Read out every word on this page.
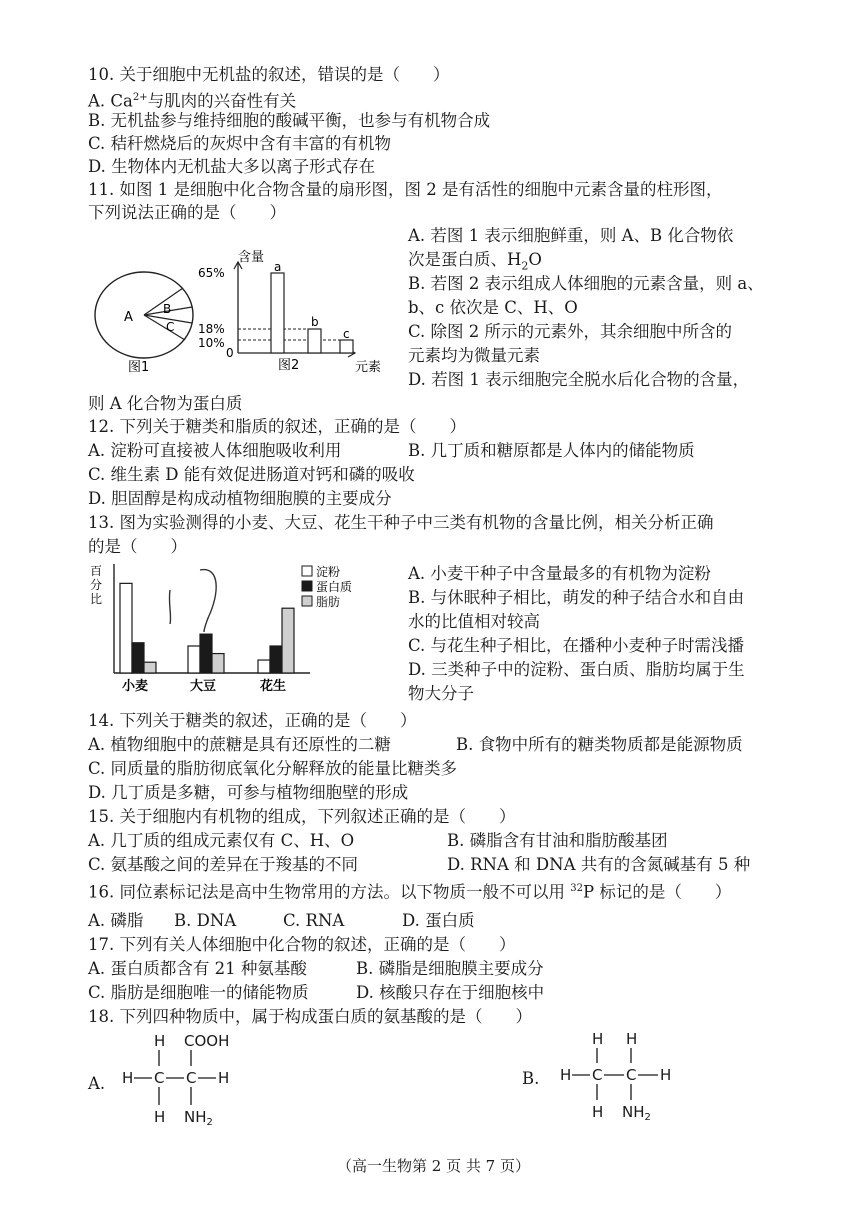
10. 关于细胞中无机盐的叙述，错误的是（　　）
A. $Ca^{2+}$与肌肉的兴奋性有关
B. 无机盐参与维持细胞的酸碱平衡，也参与有机物合成
C. 秸秆燃烧后的灰烬中含有丰富的有机物
D. 生物体内无机盐大多以离子形式存在
11. 如图 1 是细胞中化合物含量的扇形图，图 2 是有活性的细胞中元素含量的柱形图，
下列说法正确的是（　　）
A
B
C
图1
含量
65%
18%
10%
0
a
b
c
图2	元素
A. 若图 1 表示细胞鲜重，则 A、B 化合物依
次是蛋白质、$H_2O$
B. 若图 2 表示组成人体细胞的元素含量，则 a、
b、c 依次是 C、H、O
C. 除图 2 所示的元素外，其余细胞中所含的
元素均为微量元素
D. 若图 1 表示细胞完全脱水后化合物的含量，
则 A 化合物为蛋白质
12. 下列关于糖类和脂质的叙述，正确的是（　　）
A. 淀粉可直接被人体细胞吸收利用	B. 几丁质和糖原都是人体内的储能物质
C. 维生素 D 能有效促进肠道对钙和磷的吸收
D. 胆固醇是构成动植物细胞膜的主要成分
13. 图为实验测得的小麦、大豆、花生干种子中三类有机物的含量比例，相关分析正确
的是（　　）
百
分
比
小麦	大豆	花生
淀粉
蛋白质
脂肪
A. 小麦干种子中含量最多的有机物为淀粉
B. 与休眠种子相比，萌发的种子结合水和自由
水的比值相对较高
C. 与花生种子相比，在播种小麦种子时需浅播
D. 三类种子中的淀粉、蛋白质、脂肪均属于生
物大分子
14. 下列关于糖类的叙述，正确的是（　　）
A. 植物细胞中的蔗糖是具有还原性的二糖	B. 食物中所有的糖类物质都是能源物质
C. 同质量的脂肪彻底氧化分解释放的能量比糖类多
D. 几丁质是多糖，可参与植物细胞壁的形成
15. 关于细胞内有机物的组成，下列叙述正确的是（　　）
A. 几丁质的组成元素仅有 C、H、O	B. 磷脂含有甘油和脂肪酸基团
C. 氨基酸之间的差异在于羧基的不同	D. RNA 和 DNA 共有的含氮碱基有 5 种
16. 同位素标记法是高中生物常用的方法。以下物质一般不可以用 $^{32}$P 标记的是（　　）
A. 磷脂 B. DNA	C. RNA	D. 蛋白质
17. 下列有关人体细胞中化合物的叙述，正确的是（　　）
A. 蛋白质都含有 21 种氨基酸	B. 磷脂是细胞膜主要成分
C. 脂肪是细胞唯一的储能物质	D. 核酸只存在于细胞核中
18. 下列四种物质中，属于构成蛋白质的氨基酸的是（　　）
A.
H COOH
H C C H
H $NH_2$
B.
H H
H C C H
H $NH_2$
（高一生物第 2 页 共 7 页）
